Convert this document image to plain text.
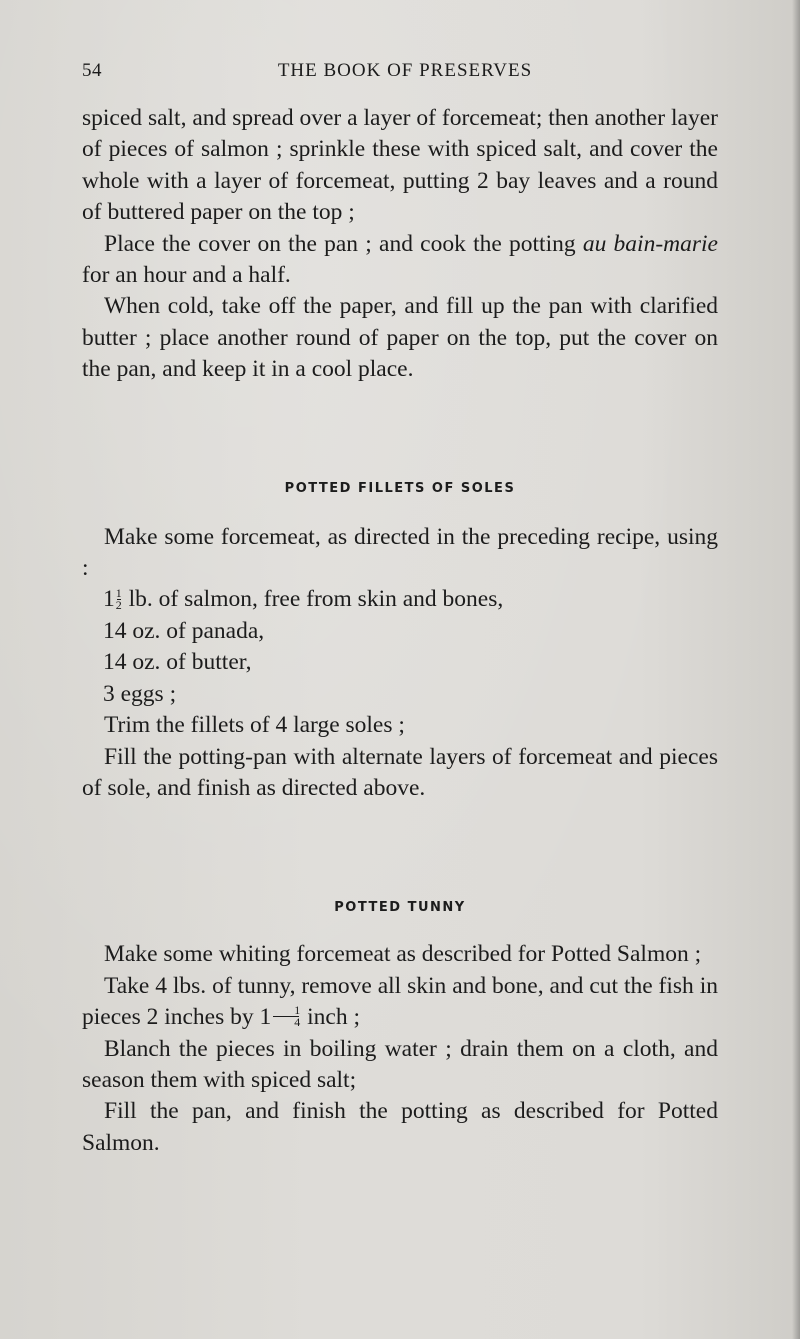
54	THE BOOK OF PRESERVES

spiced salt, and spread over a layer of forcemeat; then another layer of pieces of salmon ; sprinkle these with spiced salt, and cover the whole with a layer of forcemeat, putting 2 bay leaves and a round of buttered paper on the top ;

Place the cover on the pan ; and cook the potting au bain-marie for an hour and a half.

When cold, take off the paper, and fill up the pan with clarified butter ; place another round of paper on the top, put the cover on the pan, and keep it in a cool place.

POTTED FILLETS OF SOLES

Make some forcemeat, as directed in the preceding recipe, using :

$1 \frac{1}{2}$ lb. of salmon, free from skin and bones,

14 oz. of panada,

14 oz. of butter,

3 eggs ;

Trim the fillets of 4 large soles ;

Fill the potting-pan with alternate layers of forcemeat and pieces of sole, and finish as directed above.

POTTED TUNNY

Make some whiting forcemeat as described for Potted Salmon ;

Take 4 lbs. of tunny, remove all skin and bone, and cut the fish in pieces 2 inches by $1 \frac{1}{4}$ inch ;

Blanch the pieces in boiling water ; drain them on a cloth, and season them with spiced salt;

Fill the pan, and finish the potting as described for Potted Salmon.
